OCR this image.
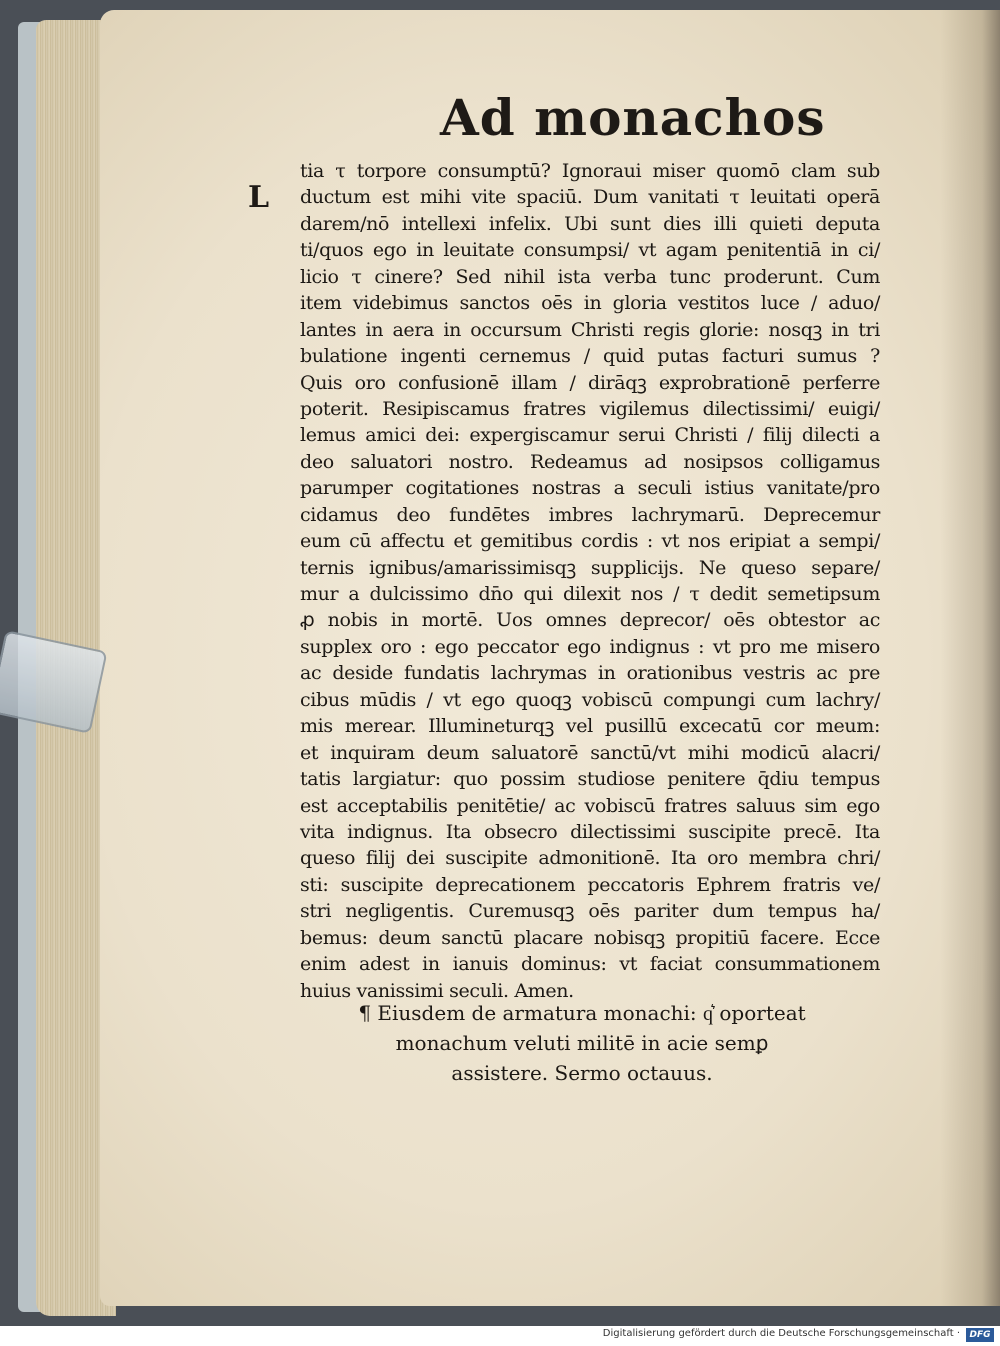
Ad monachos
L
tia τ torpore consumptū? Ignoraui miser quomō clam sub
ductum est mihi vite spaciū. Dum vanitati τ leuitati operā
darem/nō intellexi infelix. Ubi sunt dies illi quieti deputa
ti/quos ego in leuitate consumpsi/ vt agam penitentiā in ci/
licio τ cinere? Sed nihil ista verba tunc proderunt. Cum
item videbimus sanctos oēs in gloria vestitos luce / aduo/
lantes in aera in occursum Christi regis glorie: nosqꝫ in tri
bulatione ingenti cernemus / quid putas facturi sumus ?
Quis oro confusionē illam / dirāqꝫ exprobrationē perferre
poterit. Resipiscamus fratres vigilemus dilectissimi/ euigi/
lemus amici dei: expergiscamur serui Christi / filij dilecti a
deo saluatori nostro. Redeamus ad nosipsos colligamus
parumper cogitationes nostras a seculi istius vanitate/pro
cidamus deo fundētes imbres lachrymarū. Deprecemur
eum cū affectu et gemitibus cordis : vt nos eripiat a sempi/
ternis ignibus/amarissimisqꝫ supplicijs. Ne queso separe/
mur a dulcissimo dn̄o qui dilexit nos / τ dedit semetipsum
ꝓ nobis in mortē. Uos omnes deprecor/ oēs obtestor ac
supplex oro : ego peccator ego indignus : vt pro me misero
ac deside fundatis lachrymas in orationibus vestris ac pre
cibus mūdis / vt ego quoqꝫ vobiscū compungi cum lachry/
mis merear. Illumineturqꝫ vel pusillū excecatū cor meum:
et inquiram deum saluatorē sanctū/vt mihi modicū alacri/
tatis largiatur: quo possim studiose penitere q̄diu tempus
est acceptabilis penitētie/ ac vobiscū fratres saluus sim ego
vita indignus. Ita obsecro dilectissimi suscipite precē. Ita
queso filij dei suscipite admonitionē. Ita oro membra chri/
sti: suscipite deprecationem peccatoris Ephrem fratris ve/
stri negligentis. Curemusqꝫ oēs pariter dum tempus ha/
bemus: deum sanctū placare nobisqꝫ propitiū facere. Ecce
enim adest in ianuis dominus: vt faciat consummationem
huius vanissimi seculi. Amen.
¶ Eiusdem de armatura monachi: q͛ oporteat
monachum veluti militē in acie semꝑ
assistere. Sermo octauus.
Digitalisierung gefördert durch die Deutsche Forschungsgemeinschaft ·	DFG
